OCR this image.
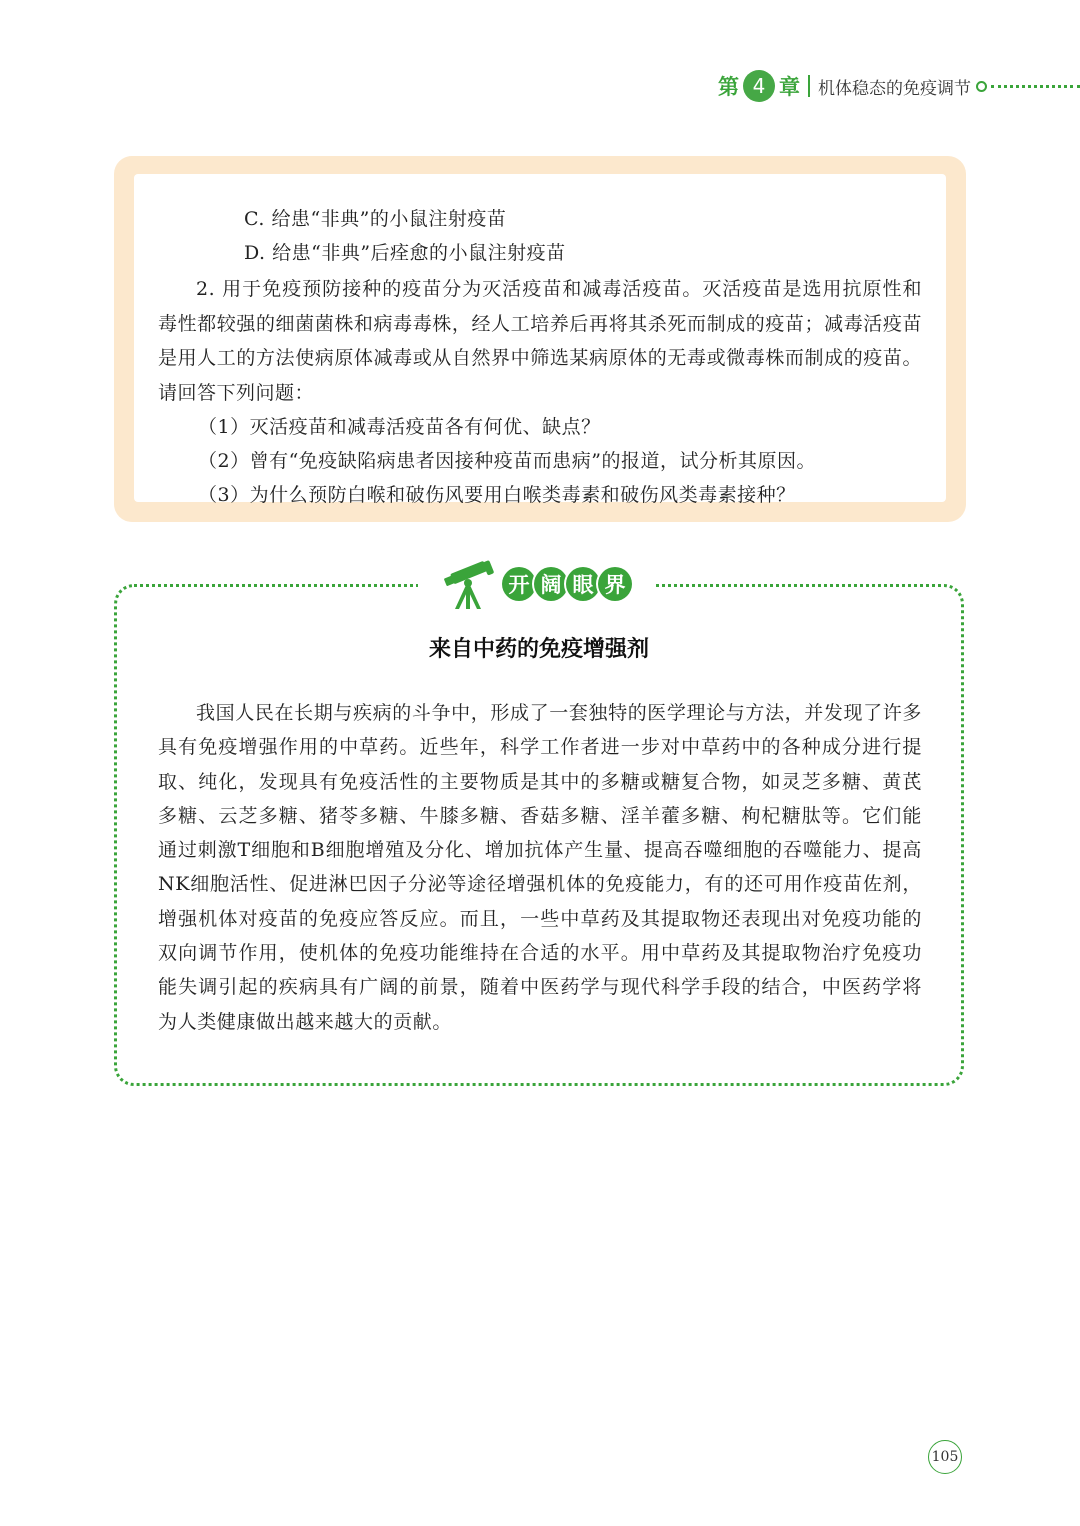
第 4 章 机体稳态的免疫调节
C. 给患“非典”的小鼠注射疫苗
D. 给患“非典”后痊愈的小鼠注射疫苗
2. 用于免疫预防接种的疫苗分为灭活疫苗和减毒活疫苗。灭活疫苗是选用抗原性和毒性都较强的细菌菌株和病毒毒株，经人工培养后再将其杀死而制成的疫苗；减毒活疫苗是用人工的方法使病原体减毒或从自然界中筛选某病原体的无毒或微毒株而制成的疫苗。请回答下列问题：
（1）灭活疫苗和减毒活疫苗各有何优、缺点？
（2）曾有“免疫缺陷病患者因接种疫苗而患病”的报道，试分析其原因。
（3）为什么预防白喉和破伤风要用白喉类毒素和破伤风类毒素接种？
开 阔 眼 界
来自中药的免疫增强剂
我国人民在长期与疾病的斗争中，形成了一套独特的医学理论与方法，并发现了许多具有免疫增强作用的中草药。近些年，科学工作者进一步对中草药中的各种成分进行提取、纯化，发现具有免疫活性的主要物质是其中的多糖或糖复合物，如灵芝多糖、黄芪多糖、云芝多糖、猪苓多糖、牛膝多糖、香菇多糖、淫羊藿多糖、枸杞糖肽等。它们能通过刺激T细胞和B细胞增殖及分化、增加抗体产生量、提高吞噬细胞的吞噬能力、提高NK细胞活性、促进淋巴因子分泌等途径增强机体的免疫能力，有的还可用作疫苗佐剂，增强机体对疫苗的免疫应答反应。而且，一些中草药及其提取物还表现出对免疫功能的双向调节作用，使机体的免疫功能维持在合适的水平。用中草药及其提取物治疗免疫功能失调引起的疾病具有广阔的前景，随着中医药学与现代科学手段的结合，中医药学将为人类健康做出越来越大的贡献。
105
